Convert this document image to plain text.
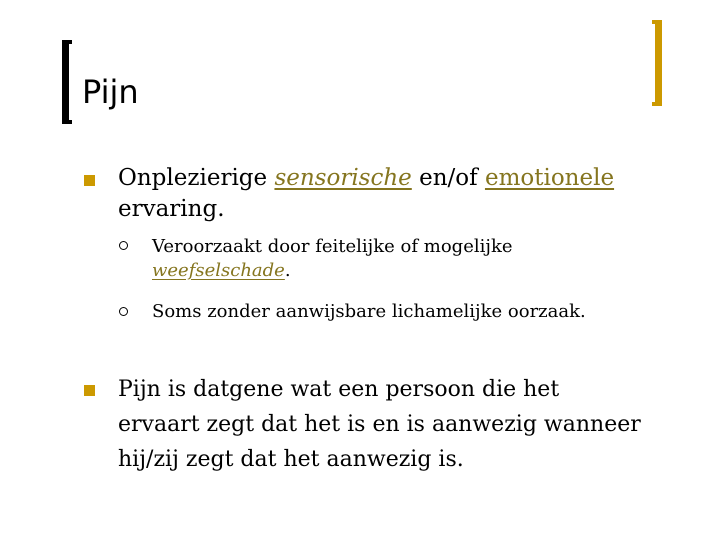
Pijn
Onplezierige sensorische en/of emotionele
ervaring.
Veroorzaakt door feitelijke of mogelijke
weefselschade.
Soms zonder aanwijsbare lichamelijke oorzaak.
Pijn is datgene wat een persoon die het
ervaart zegt dat het is en is aanwezig wanneer
hij/zij zegt dat het aanwezig is.
